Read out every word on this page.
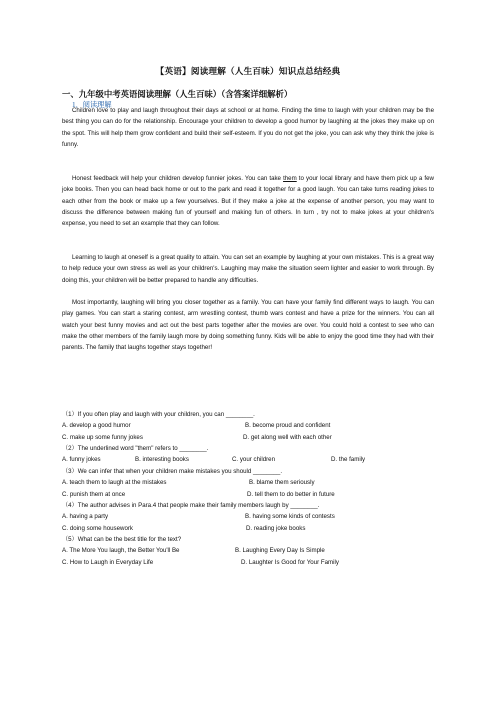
【英语】阅读理解（人生百味）知识点总结经典
一、九年级中考英语阅读理解（人生百味）（含答案详细解析）
1．阅读理解

Children love to play and laugh throughout their days at school or at home. Finding the time to laugh with your children may be the best thing you can do for the relationship. Encourage your children to develop a good humor by laughing at the jokes they make up on the spot. This will help them grow confident and build their self-esteem. If you do not get the joke, you can ask why they think the joke is funny.

Honest feedback will help your children develop funnier jokes. You can take them to your local library and have them pick up a few joke books. Then you can head back home or out to the park and read it together for a good laugh. You can take turns reading jokes to each other from the book or make up a few yourselves. But if they make a joke at the expense of another person, you may want to discuss the difference between making fun of yourself and making fun of others. In turn , try not to make jokes at your children's expense, you need to set an example that they can follow.

Learning to laugh at oneself is a great quality to attain. You can set an example by laughing at your own mistakes. This is a great way to help reduce your own stress as well as your children's. Laughing may make the situation seem lighter and easier to work through. By doing this, your children will be better prepared to handle any difficulties.

Most importantly, laughing will bring you closer together as a family. You can have your family find different ways to laugh. You can play games. You can start a staring contest, arm wrestling contest, thumb wars contest and have a prize for the winners. You can all watch your best funny movies and act out the best parts together after the movies are over. You could hold a contest to see who can make the other members of the family laugh more by doing something funny. Kids will be able to enjoy the good time they had with their parents. The family that laughs together stays together!

（1）If you often play and laugh with your children, you can ________.
A. develop a good humor	B. become proud and confident
C. make up some funny jokes	D. get along well with each other
（2）The underlined word "them" refers to ________.
A. funny jokes	B. interesting books	C. your children	D. the family
（3）We can infer that when your children make mistakes you should ________.
A. teach them to laugh at the mistakes	B. blame them seriously
C. punish them at once	D. tell them to do better in future
（4）The author advises in Para.4 that people make their family members laugh by ________.
A. having a party	B. having some kinds of contests
C. doing some housework	D. reading joke books
（5）What can be the best title for the text?
A. The More You laugh, the Better You'll Be	B. Laughing Every Day Is Simple
C. How to Laugh in Everyday Life	D. Laughter Is Good for Your Family
